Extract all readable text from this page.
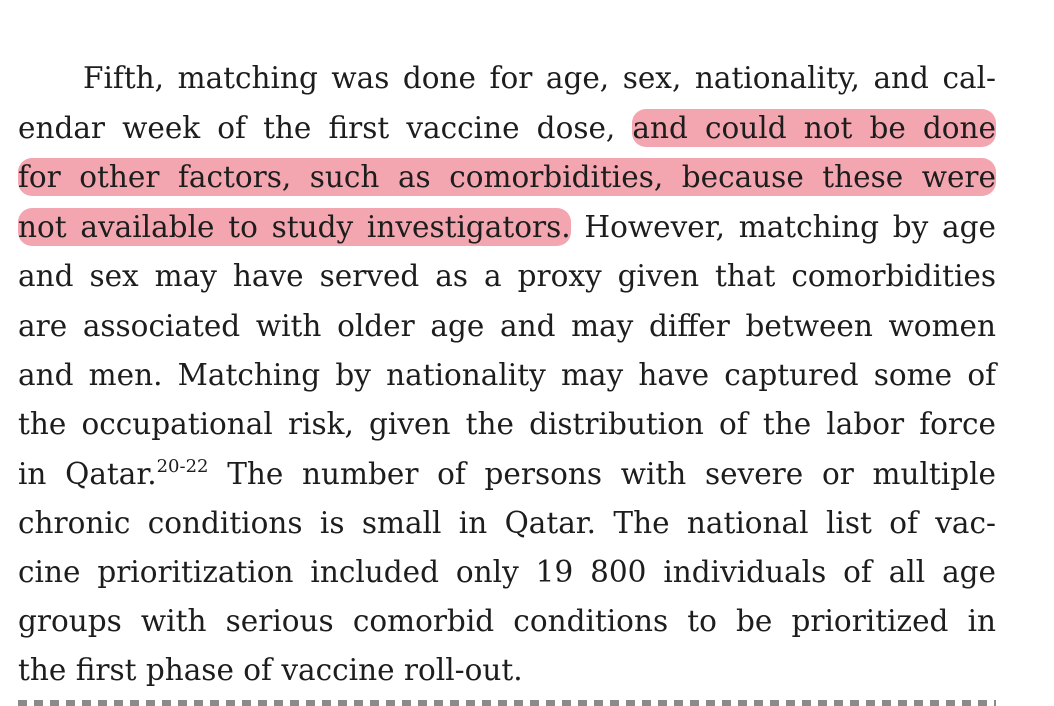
Fifth, matching was done for age, sex, nationality, and cal-
endar week of the first vaccine dose, and could not be done
for other factors, such as comorbidities, because these were
not available to study investigators. However, matching by age
and sex may have served as a proxy given that comorbidities
are associated with older age and may differ between women
and men. Matching by nationality may have captured some of
the occupational risk, given the distribution of the labor force
in Qatar.$^{20-22}$ The number of persons with severe or multiple
chronic conditions is small in Qatar. The national list of vac-
cine prioritization included only 19 800 individuals of all age
groups with serious comorbid conditions to be prioritized in
the first phase of vaccine roll-out.
